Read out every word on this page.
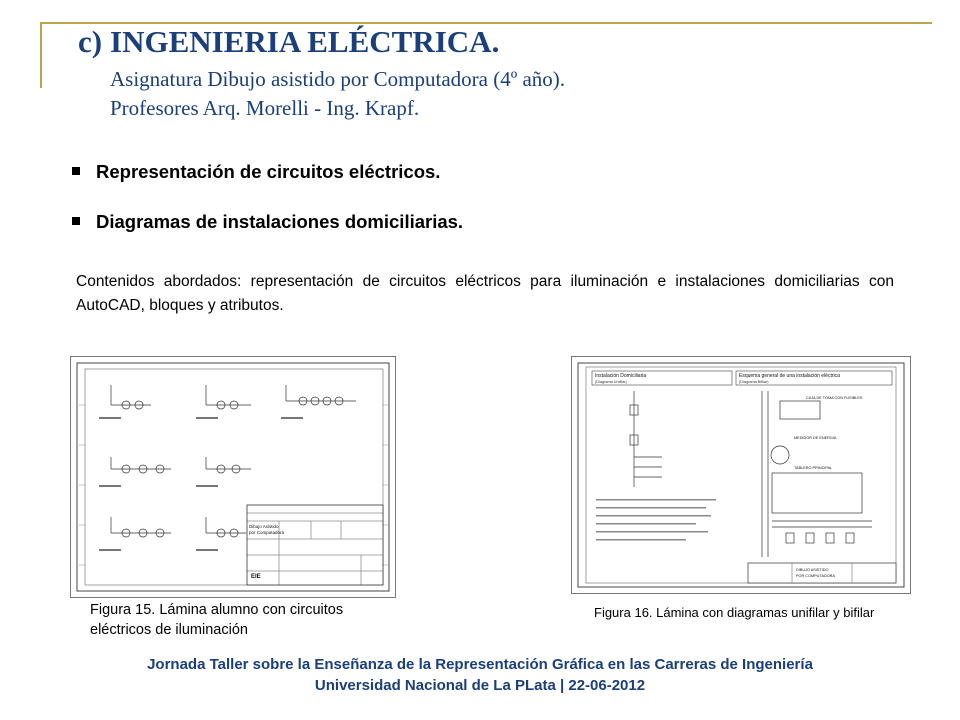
c) INGENIERIA ELÉCTRICA.
Asignatura Dibujo asistido por Computadora (4º año).
Profesores Arq. Morelli - Ing. Krapf.
Representación de circuitos eléctricos.
Diagramas de instalaciones domiciliarias.
Contenidos abordados: representación de circuitos eléctricos para iluminación e instalaciones domiciliarias con AutoCAD, bloques y atributos.
Dibujo Asistido
por Computadora
EIE
Instalación Domiciliaria
(Diagrama Unifilar)
Esquema general de una instalación eléctrica
(Diagrama Bifilar)
CAJA DE TOMA CON FUSIBLES
MEDIDOR DE ENERGIA
TABLERO PRINCIPAL
DIBUJO ASISTIDO
POR COMPUTADORA
Figura 15. Lámina alumno con circuitos eléctricos de iluminación
Figura 16. Lámina con diagramas unifilar y bifilar
Jornada Taller sobre la Enseñanza de la Representación Gráfica en las Carreras de Ingeniería
Universidad Nacional de La PLata | 22-06-2012
